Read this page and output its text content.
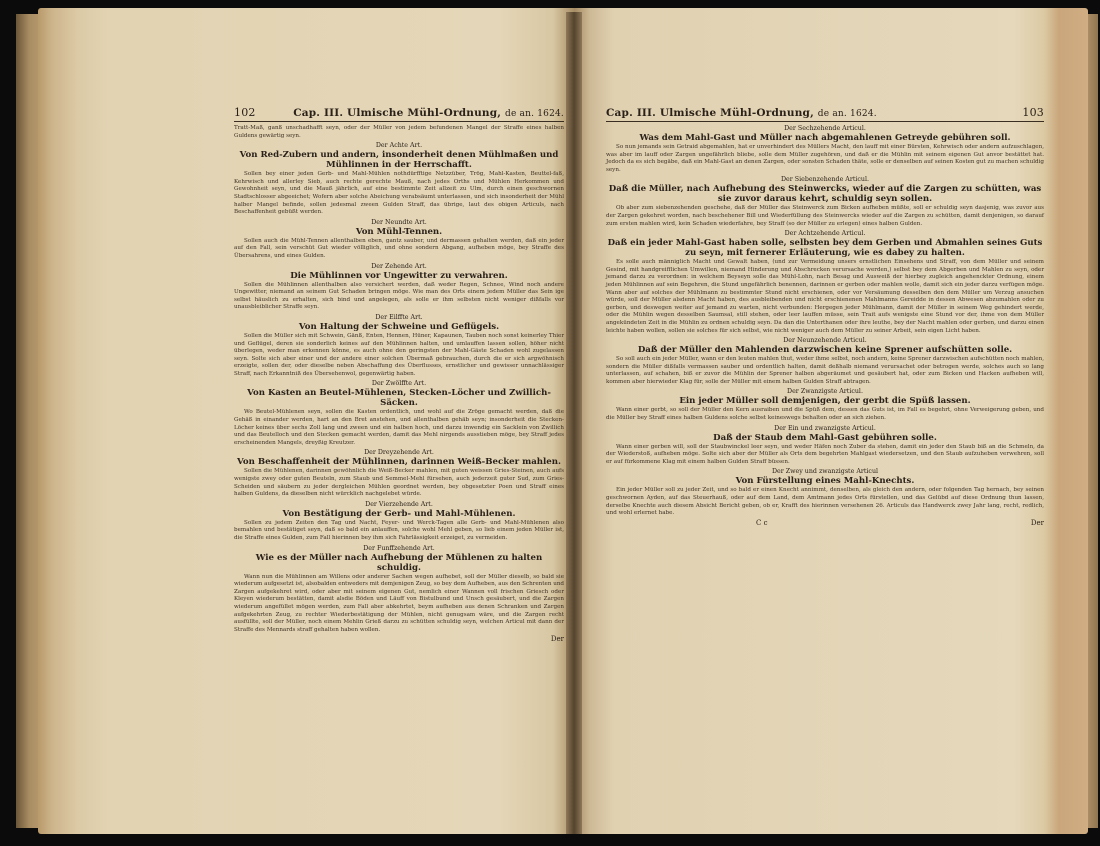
102	Cap. III. Ulmische Mühl-Ordnung, de an. 1624.
Tratt-Maß, ganß unschadhafft seyn, oder der Müller von jedem befundenen Mangel der Straffe eines halben Guldens gewärtig seyn.
Der Achte Art.
Von Red-Zubern und andern, insonderheit denen Mühlmaßen und Mühlinnen in der Herrschafft.
Sollen bey einer jeden Gerb- und Mahl-Mühlen nothdürfftige Netzzüber, Trög, Mahl-Kasten, Beuttel-faß, Kehrwisch und allerley Sieb, auch rechte gerechte Mauß, nach jedes Orths und Mühlen Herkommen und Gewohnheit seyn, und die Mauß jährlich, auf eine bestimmte Zeit allzeit zu Ulm, durch einen geschwornen Stadtschlosser abgeeichet; Wofern aber solche Abeichung verabsäumt unterlassen, und sich insonderheit der Mühl halber Mangel befinde, sollen jedesmal zween Gulden Straff, das übrige, laut des obigen Articuls, nach Beschaffenheit gebüßt werden.
Der Neundte Art.
Von Mühl-Tennen.
Sollen auch die Mühl-Tennen allenthalben eben, gantz sauber, und dermassen gehalten werden, daß ein jeder auf den Fall, sein verschüt Gut wieder völliglich, und ohne sondern Abgang, aufheben möge, bey Straffe des Übersahrens, und eines Gulden.
Der Zehende Art.
Die Mühlinnen vor Ungewitter zu verwahren.
Sollen die Mühlinnen allenthalben also versichert werden, daß weder Regen, Schnee, Wind noch andere Ungewitter, niemand an seinem Gut Schaden bringen möge. Wie man des Orts einem jedem Müller das Sein ige selbst häuslich zu erhalten, sich bind und angelegen, als solle er ihm selbsten nicht weniger dißfalls vor unausbleiblicher Straffe seyn.
Der Eilffte Art.
Von Haltung der Schweine und Geflügels.
Sollen die Müller sich mit Schwein, Gänß, Enten, Hennen, Hüner, Kapaunen, Tauben noch sonst keinerley Thier und Geflügel, deren sie sonderlich keines auf den Mühlinnen halten, und umlauffen lassen sollen, höher nicht überlegen, weder man erkennen könne, es auch ohne den geringsten der Mahl-Gäste Schaden wohl zugelassen seyn. Solte sich aber einer und der andere einer solchen Übermaß gebrauchen, durch die er sich argwöhnisch erzeigte, sollen der, oder dieselbe neben Abschaffung des Überflusses, ernstlicher und gewisser unnachlässiger Straff, nach Erkanntniß des Übersehenwol, gegenwärtig haben.
Der Zwölffte Art.
Von Kasten an Beutel-Mühlenen, Stecken-Löcher und Zwillich-Säcken.
Wo Beutel-Mühlenen seyn, sollen die Kasten ordentlich, und wohl auf die Zröge gemacht werden, daß die Gehäß in einander werden, hart an den Bret anstehen, und allenthalben gehäb seyn; insonderheit die Stecken-Löcher keines über sechs Zoll lang und zween und ein halben hoch, und darzu inwendig ein Sacklein von Zwillich und das Beutelloch und den Stecken gemacht werden, damit das Mehl nirgends ausstieben möge, bey Straff jedes erscheinenden Mangels, dreyßig Kreutzer.
Der Dreyzehende Art.
Von Beschaffenheit der Mühlinnen, darinnen Weiß-Becker mahlen.
Sollen die Mühlenen, darinnen gewöhnlich die Weiß-Becker mahlen, mit guten weissen Gries-Steinen, auch aufs wenigste zwey oder guten Beuteln, zum Staub und Semmel-Mehl fürsehen, auch jederzeit guter Sud, zum Gries-Scheiden und säubern zu jeder dergleichen Mühlen geordnet werden, bey obgesetzter Poen und Straff eines halben Guldens, da dieselben nicht würcklich nachgelebet würde.
Der Vierzehende Art.
Von Bestätigung der Gerb- und Mahl-Mühlenen.
Sollen zu jedem Zeiten den Tag und Nacht, Feyer- und Werck-Tagen alle Gerb- und Mahl-Mühlenen also bemahlen und bestätiget seyn, daß so bald ein anlauffen, solche wohl Mehl geben, so lieb einem jeden Müller ist, die Straffe eines Gulden, zum Fall hierinnen bey ihm sich Fahrlässigkeit erzeiget, zu vermeiden.
Der Funffzehende Art.
Wie es der Müller nach Aufhebung der Mühlenen zu halten schuldig.
Wann nun die Mühlinnen am Willens oder anderer Sachen wegen aufhebet, soll der Müller dieselb, so bald sie wiederum aufgesetzt ist, alsobalden entweders mit demjenigen Zeug, so bey dem Aufheben, aus den Schrenten und Zargen aufgekehret wird, oder aber mit seinem eigenen Gut, nemlich einer Wannen voll frischen Griesch oder Kleyen wiederum bestätten, damit alsdie Böden und Läuff von Bistulbund und Unsch gesäubert, und die Zargen wiederum angefüllet mögen werden, zum Fall aber abkehrtet, beym aufheben aus denen Schranken und Zargen aufgekehrten Zeug, zu rechter Wiederbestätigung der Mühlen, nicht genugsam wäre, und die Zargen recht ausfüllte, soll der Müller, noch einem Mehlin Grieß darzu zu schütten schuldig seyn, welchen Articul mit dann der Straffe des Mennards straff gehalten haben wollen.
Der
Cap. III. Ulmische Mühl-Ordnung, de an. 1624.	103
Der Sechzehende Articul.
Was dem Mahl-Gast und Müller nach abgemahlenen Getreyde gebühren soll.
So nun jemands sein Getraid abgemahlen, hat er unverhindert des Müllers Macht, den lauff mit einer Bürsten, Kehrwisch oder andern aufzuschlagen, was aber im lauff oder Zargen ungefährlich bliebe, solle dem Müller zugehören, und daß er die Mühlin mit seinem eigenen Gut anvor bestättet hat. Jedoch da es sich begäbe, daß ein Mahl-Gast an denen Zargen, oder sonsten Schaden thäte, solle er denselben auf seinen Kosten gut zu machen schuldig seyn.
Der Siebenzehende Articul.
Daß die Müller, nach Aufhebung des Steinwercks, wieder auf die Zargen zu schütten, was sie zuvor daraus kehrt, schuldig seyn sollen.
Ob aber zum siebenzehenden geschehe, daß der Müller das Steinwerck zum Bicken aufheben müßte, soll er schuldig seyn dasjenig, was zuvor aus der Zargen gekehret worden, nach beschehener Bill und Wiederfüllung des Steinwercks wieder auf die Zargen zu schütten, damit denjenigen, so darauf zum ersten mahlen wird, kein Schaden wiederfahre, bey Straff (so der Müller zu erlegen) eines halben Gulden.
Der Achtzehende Articul.
Daß ein jeder Mahl-Gast haben solle, selbsten bey dem Gerben und Abmahlen seines Guts zu seyn, mit fernerer Erläuterung, wie es dabey zu halten.
Es solle auch männiglich Macht und Gewalt haben, (und zur Vermeidung unsers ernstlichen Einsehens und Straff, von dem Müller und seinem Gesind, mit handgreifflichen Umwillen, niemand Hinderung und Abschrecken verursache werden,) selbst bey dem Abgerben und Mahlen zu seyn, oder jemand darzu zu verordnen: in welchem Beyseyn solle das Mühl-Lohn, nach Besag und Ausweiß der hierbey zugleich angehenckter Ordnung, einem jeden Mühlinnen auf sein Begehren, die Stund ungefährlich benennen, darinnen er gerben oder mahlen wolle, damit sich ein jeder darzu verfügen möge. Wann aber auf solches der Mühlmann zu bestimmter Stund nicht erschienen, oder vor Versäumung desselben den dem Müller um Verzug ansuchen würde, soll der Müller alsdenn Macht haben, des ausbleibenden und nicht erschienenen Mahlmanns Gereidde in dessen Abwesen abzumahlen oder zu gerben, und deswegen weiter auf jemand zu warten, nicht verbunden: Hergegen jeder Mühlmann, damit der Müller in seinem Weg gehindert werde, oder die Mühlin wegen desselben Saumsal, still stehen, oder leer lauffen müsse, sein Trait aufs wenigste eine Stund vor der, ihme von dem Müller angekündeten Zeit in die Mühlin zu ordnen schuldig seyn. Da dan die Unterthanen oder ihre leuthe, bey der Nacht mahlen oder gerben, und darzu einen leichte haben wollen, sollen sie solches für sich selbst, wie nicht weniger auch dem Müller zu seiner Arbeit, sein eigen Licht haben.
Der Neunzehende Articul.
Daß der Müller den Mahlenden darzwischen keine Sprener aufschütten solle.
So soll auch ein jeder Müller, wann er den leuten mahlen thut, weder ihme selbst, noch andern, keine Sprener darzwischen aufschütten noch mahlen, sondern die Müller dißfalls vermassen sauber und ordentlich halten, damit deßhalb niemand verursachet oder betrogen werde, solches auch so lang unterlassen, auf schahen, biß er zuvor die Mühlin der Sprener halben abgeräumet und gesäubert hat, oder zum Bicken und Hacken aufheben will, kommen aber hierwieder Klag für, solle der Müller mit einem halben Gulden Straff abtragen.
Der Zwanzigste Articul.
Ein jeder Müller soll demjenigen, der gerbt die Spüß lassen.
Wann einer gerbt, so soll der Müller den Kern ausraiben und die Spüß dem, dessen das Guts ist, im Fall es begehrt, ohne Verweigerung geben, und die Müller bey Straff eines halben Guldens solche selbst keineswegs behalten oder an sich ziehen.
Der Ein und zwanzigste Articul.
Daß der Staub dem Mahl-Gast gebühren solle.
Wann einer gerben will, soll der Staubwinckel leer seyn, und weder Häfen noch Zuber da stehen, damit ein jeder den Staub biß an die Schmeln, da der Wiederstoß, aufheben möge. Solte sich aber der Müller als Orts dem begehrten Mahlgast wiedersetzen, und den Staub aufzuheben verwehren, soll er auf fürkommene Klag mit einem halben Gulden Straff büssen.
Der Zwey und zwanzigste Articul
Von Fürstellung eines Mahl-Knechts.
Ein jeder Müller soll zu jeder Zeit, und so bald er einen Knecht annimmt, denselben, als gleich den andern, oder folgenden Tag hernach, bey seinen geschwornen Ayden, auf das Steuerhauß, oder auf dem Land, dem Amtmann jedes Orts fürstellen, und das Gelübd auf diese Ordnung thun lassen, derselbe Knechte auch diesem Absicht Bericht geben, ob er, Krafft des hierinnen versehenen 26. Articuls das Handwerck zwey Jahr lang, recht, redlich, und wohl erlernet habe.
C c	Der
